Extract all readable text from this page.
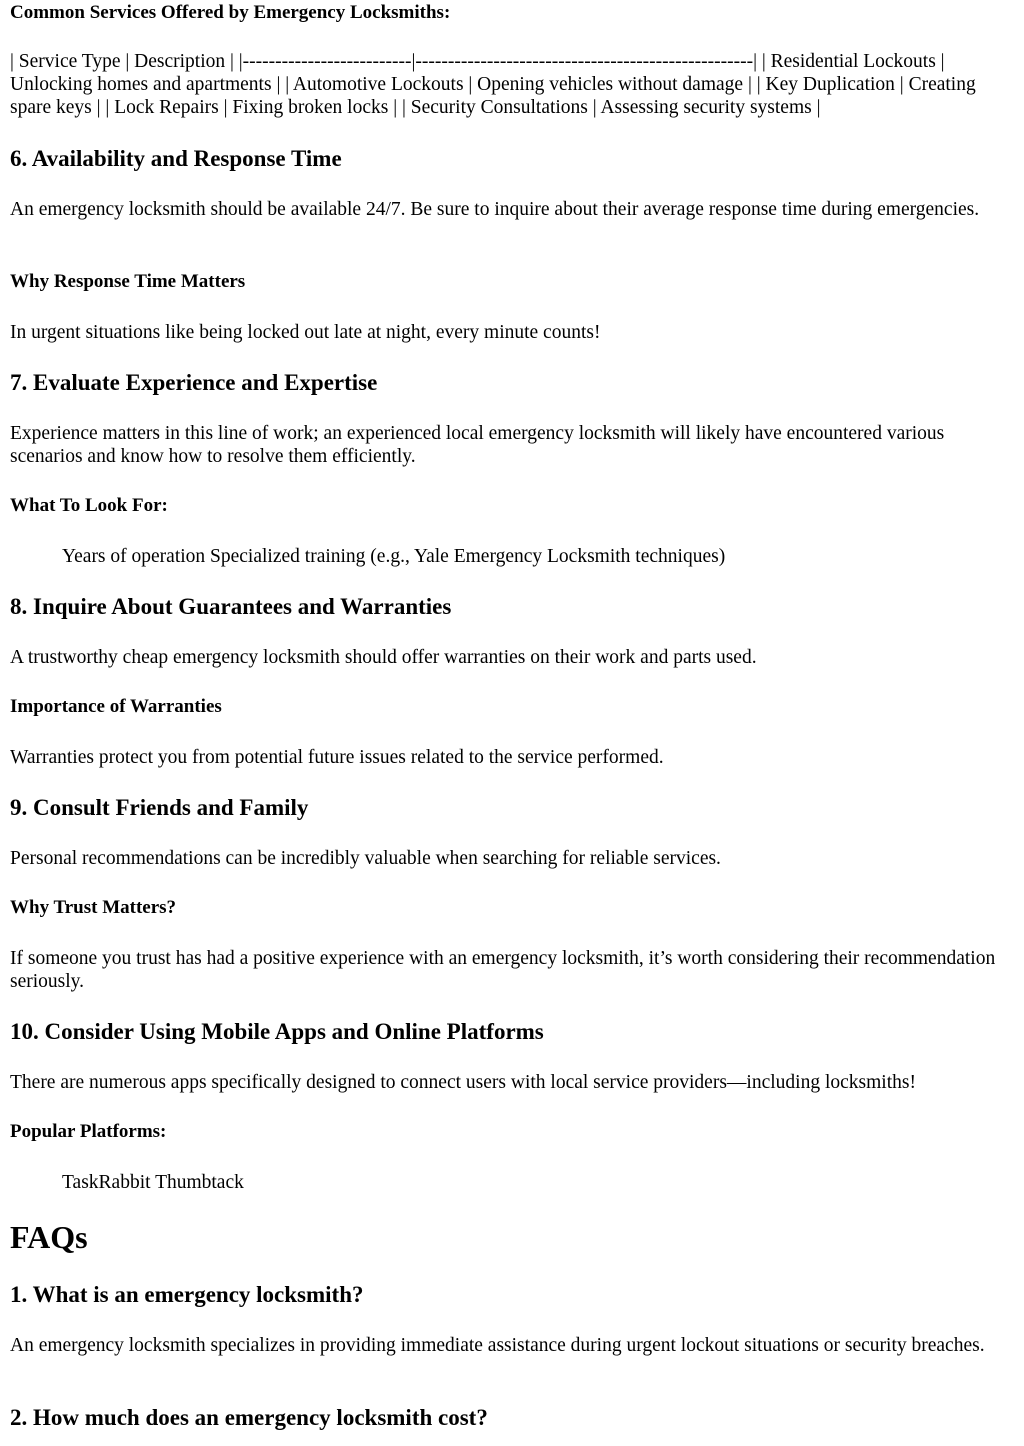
Common Services Offered by Emergency Locksmiths:
| Service Type | Description | |--------------------------|----------------------------------------------------| | Residential Lockouts | Unlocking homes and apartments | | Automotive Lockouts | Opening vehicles without damage | | Key Duplication | Creating spare keys | | Lock Repairs | Fixing broken locks | | Security Consultations | Assessing security systems |
6. Availability and Response Time
An emergency locksmith should be available 24/7. Be sure to inquire about their average response time during emergencies.
Why Response Time Matters
In urgent situations like being locked out late at night, every minute counts!
7. Evaluate Experience and Expertise
Experience matters in this line of work; an experienced local emergency locksmith will likely have encountered various scenarios and know how to resolve them efficiently.
What To Look For:
Years of operation Specialized training (e.g., Yale Emergency Locksmith techniques)
8. Inquire About Guarantees and Warranties
A trustworthy cheap emergency locksmith should offer warranties on their work and parts used.
Importance of Warranties
Warranties protect you from potential future issues related to the service performed.
9. Consult Friends and Family
Personal recommendations can be incredibly valuable when searching for reliable services.
Why Trust Matters?
If someone you trust has had a positive experience with an emergency locksmith, it’s worth considering their recommendation seriously.
10. Consider Using Mobile Apps and Online Platforms
There are numerous apps specifically designed to connect users with local service providers—including locksmiths!
Popular Platforms:
TaskRabbit Thumbtack
FAQs
1. What is an emergency locksmith?
An emergency locksmith specializes in providing immediate assistance during urgent lockout situations or security breaches.
2. How much does an emergency locksmith cost?
